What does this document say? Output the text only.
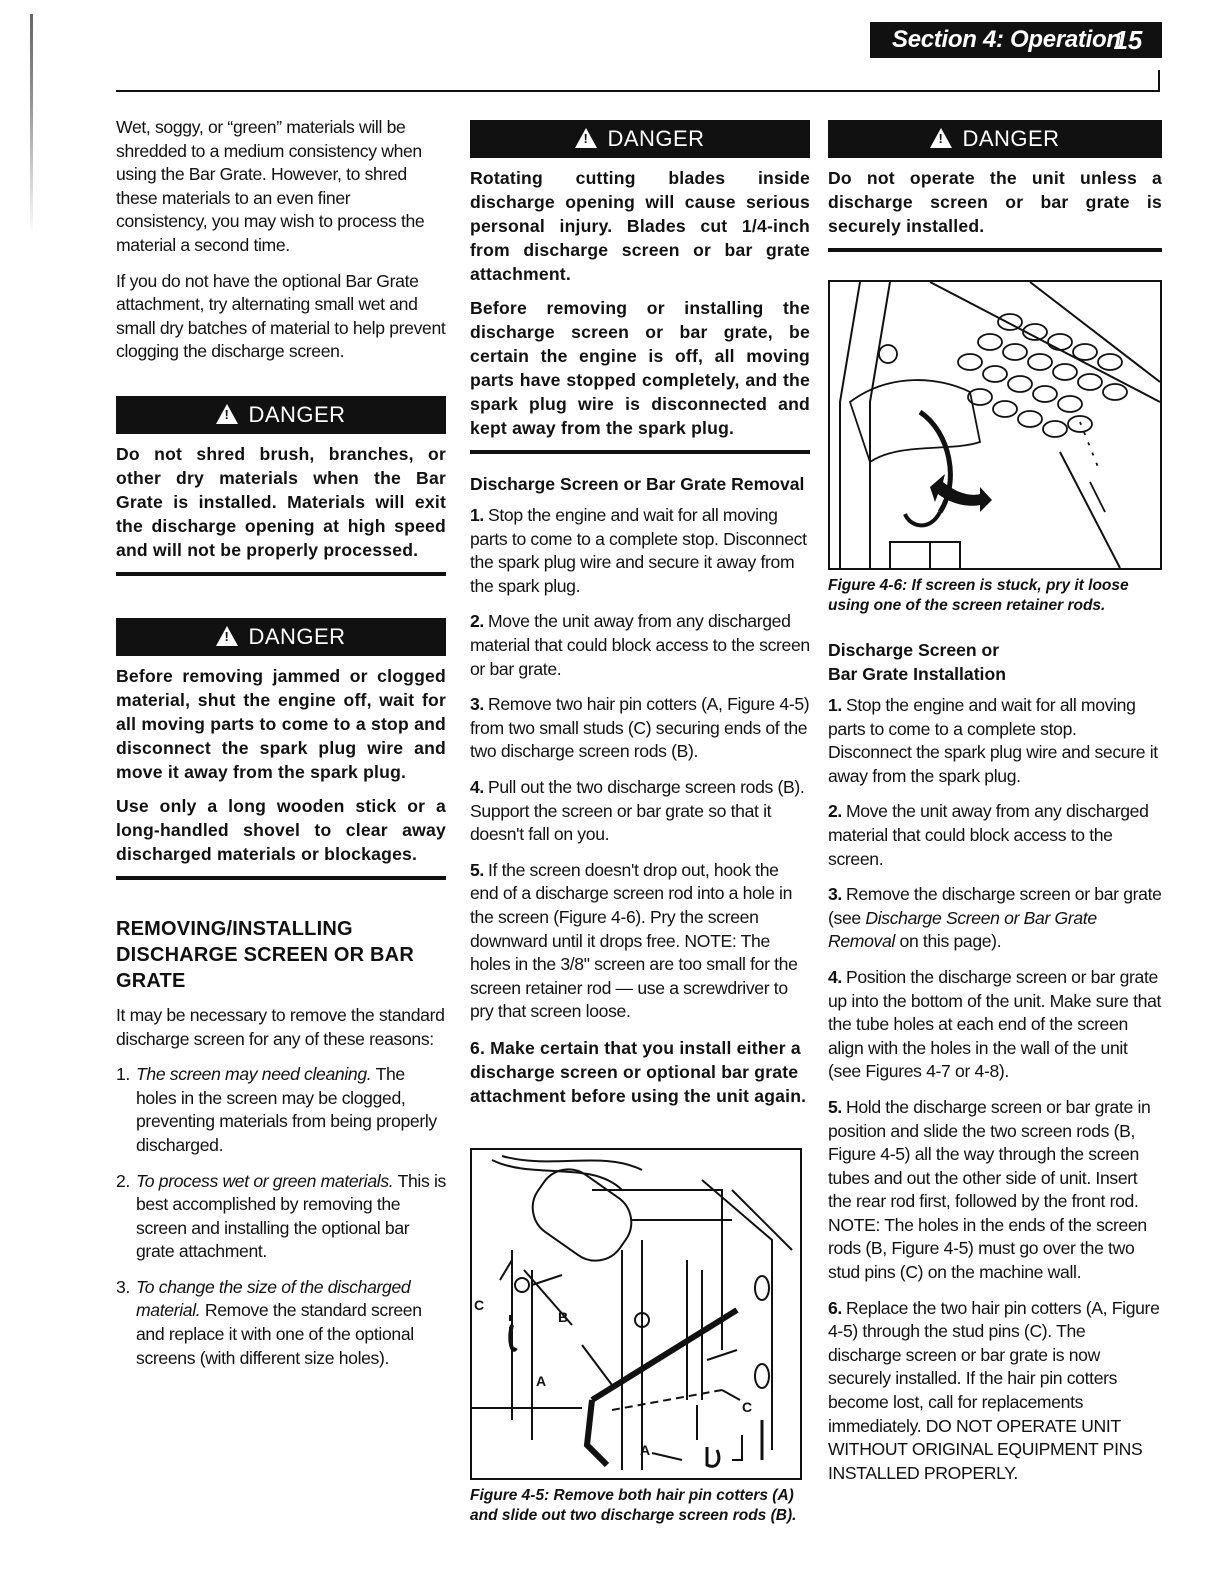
Section 4: Operation
15

Wet, soggy, or “green” materials will be shredded to a medium consistency when using the Bar Grate. However, to shred these materials to an even finer consistency, you may wish to process the material a second time.

If you do not have the optional Bar Grate attachment, try alternating small wet and small dry batches of material to help prevent clogging the discharge screen.

!DANGER

Do not shred brush, branches, or other dry materials when the Bar Grate is installed. Materials will exit the discharge opening at high speed and will not be properly processed.

!DANGER

Before removing jammed or clogged material, shut the engine off, wait for all moving parts to come to a stop and disconnect the spark plug wire and move it away from the spark plug.

Use only a long wooden stick or a long-handled shovel to clear away discharged materials or blockages.

REMOVING/INSTALLING DISCHARGE SCREEN OR BAR GRATE

It may be necessary to remove the standard discharge screen for any of these reasons:

1. The screen may need cleaning. The holes in the screen may be clogged, preventing materials from being properly discharged.
2. To process wet or green materials. This is best accomplished by removing the screen and installing the optional bar grate attachment.
3. To change the size of the discharged material. Remove the standard screen and replace it with one of the optional screens (with different size holes).
!DANGER

Rotating cutting blades inside discharge opening will cause serious personal injury. Blades cut 1/4-inch from discharge screen or bar grate attachment.

Before removing or installing the discharge screen or bar grate, be certain the engine is off, all moving parts have stopped completely, and the spark plug wire is disconnected and kept away from the spark plug.

Discharge Screen or Bar Grate Removal

1. Stop the engine and wait for all moving parts to come to a complete stop. Disconnect the spark plug wire and secure it away from the spark plug.

2. Move the unit away from any discharged material that could block access to the screen or bar grate.

3. Remove two hair pin cotters (A, Figure 4-5) from two small studs (C) securing ends of the two discharge screen rods (B).

4. Pull out the two discharge screen rods (B). Support the screen or bar grate so that it doesn't fall on you.

5. If the screen doesn't drop out, hook the end of a discharge screen rod into a hole in the screen (Figure 4-6). Pry the screen downward until it drops free. NOTE: The holes in the 3/8" screen are too small for the screen retainer rod — use a screwdriver to pry that screen loose.

6. Make certain that you install either a discharge screen or optional bar grate attachment before using the unit again.

C
B
A
A
C
Figure 4-5: Remove both hair pin cotters (A) and slide out two discharge screen rods (B).
!DANGER

Do not operate the unit unless a discharge screen or bar grate is securely installed.

Figure 4-6: If screen is stuck, pry it loose using one of the screen retainer rods.
Discharge Screen or
Bar Grate Installation

1. Stop the engine and wait for all moving parts to come to a complete stop. Disconnect the spark plug wire and secure it away from the spark plug.

2. Move the unit away from any discharged material that could block access to the screen.

3. Remove the discharge screen or bar grate (see Discharge Screen or Bar Grate Removal on this page).

4. Position the discharge screen or bar grate up into the bottom of the unit. Make sure that the tube holes at each end of the screen align with the holes in the wall of the unit (see Figures 4-7 or 4-8).

5. Hold the discharge screen or bar grate in position and slide the two screen rods (B, Figure 4-5) all the way through the screen tubes and out the other side of unit. Insert the rear rod first, followed by the front rod. NOTE: The holes in the ends of the screen rods (B, Figure 4-5) must go over the two stud pins (C) on the machine wall.

6. Replace the two hair pin cotters (A, Figure 4-5) through the stud pins (C). The discharge screen or bar grate is now securely installed. If the hair pin cotters become lost, call for replacements immediately. DO NOT OPERATE UNIT WITHOUT ORIGINAL EQUIPMENT PINS INSTALLED PROPERLY.
